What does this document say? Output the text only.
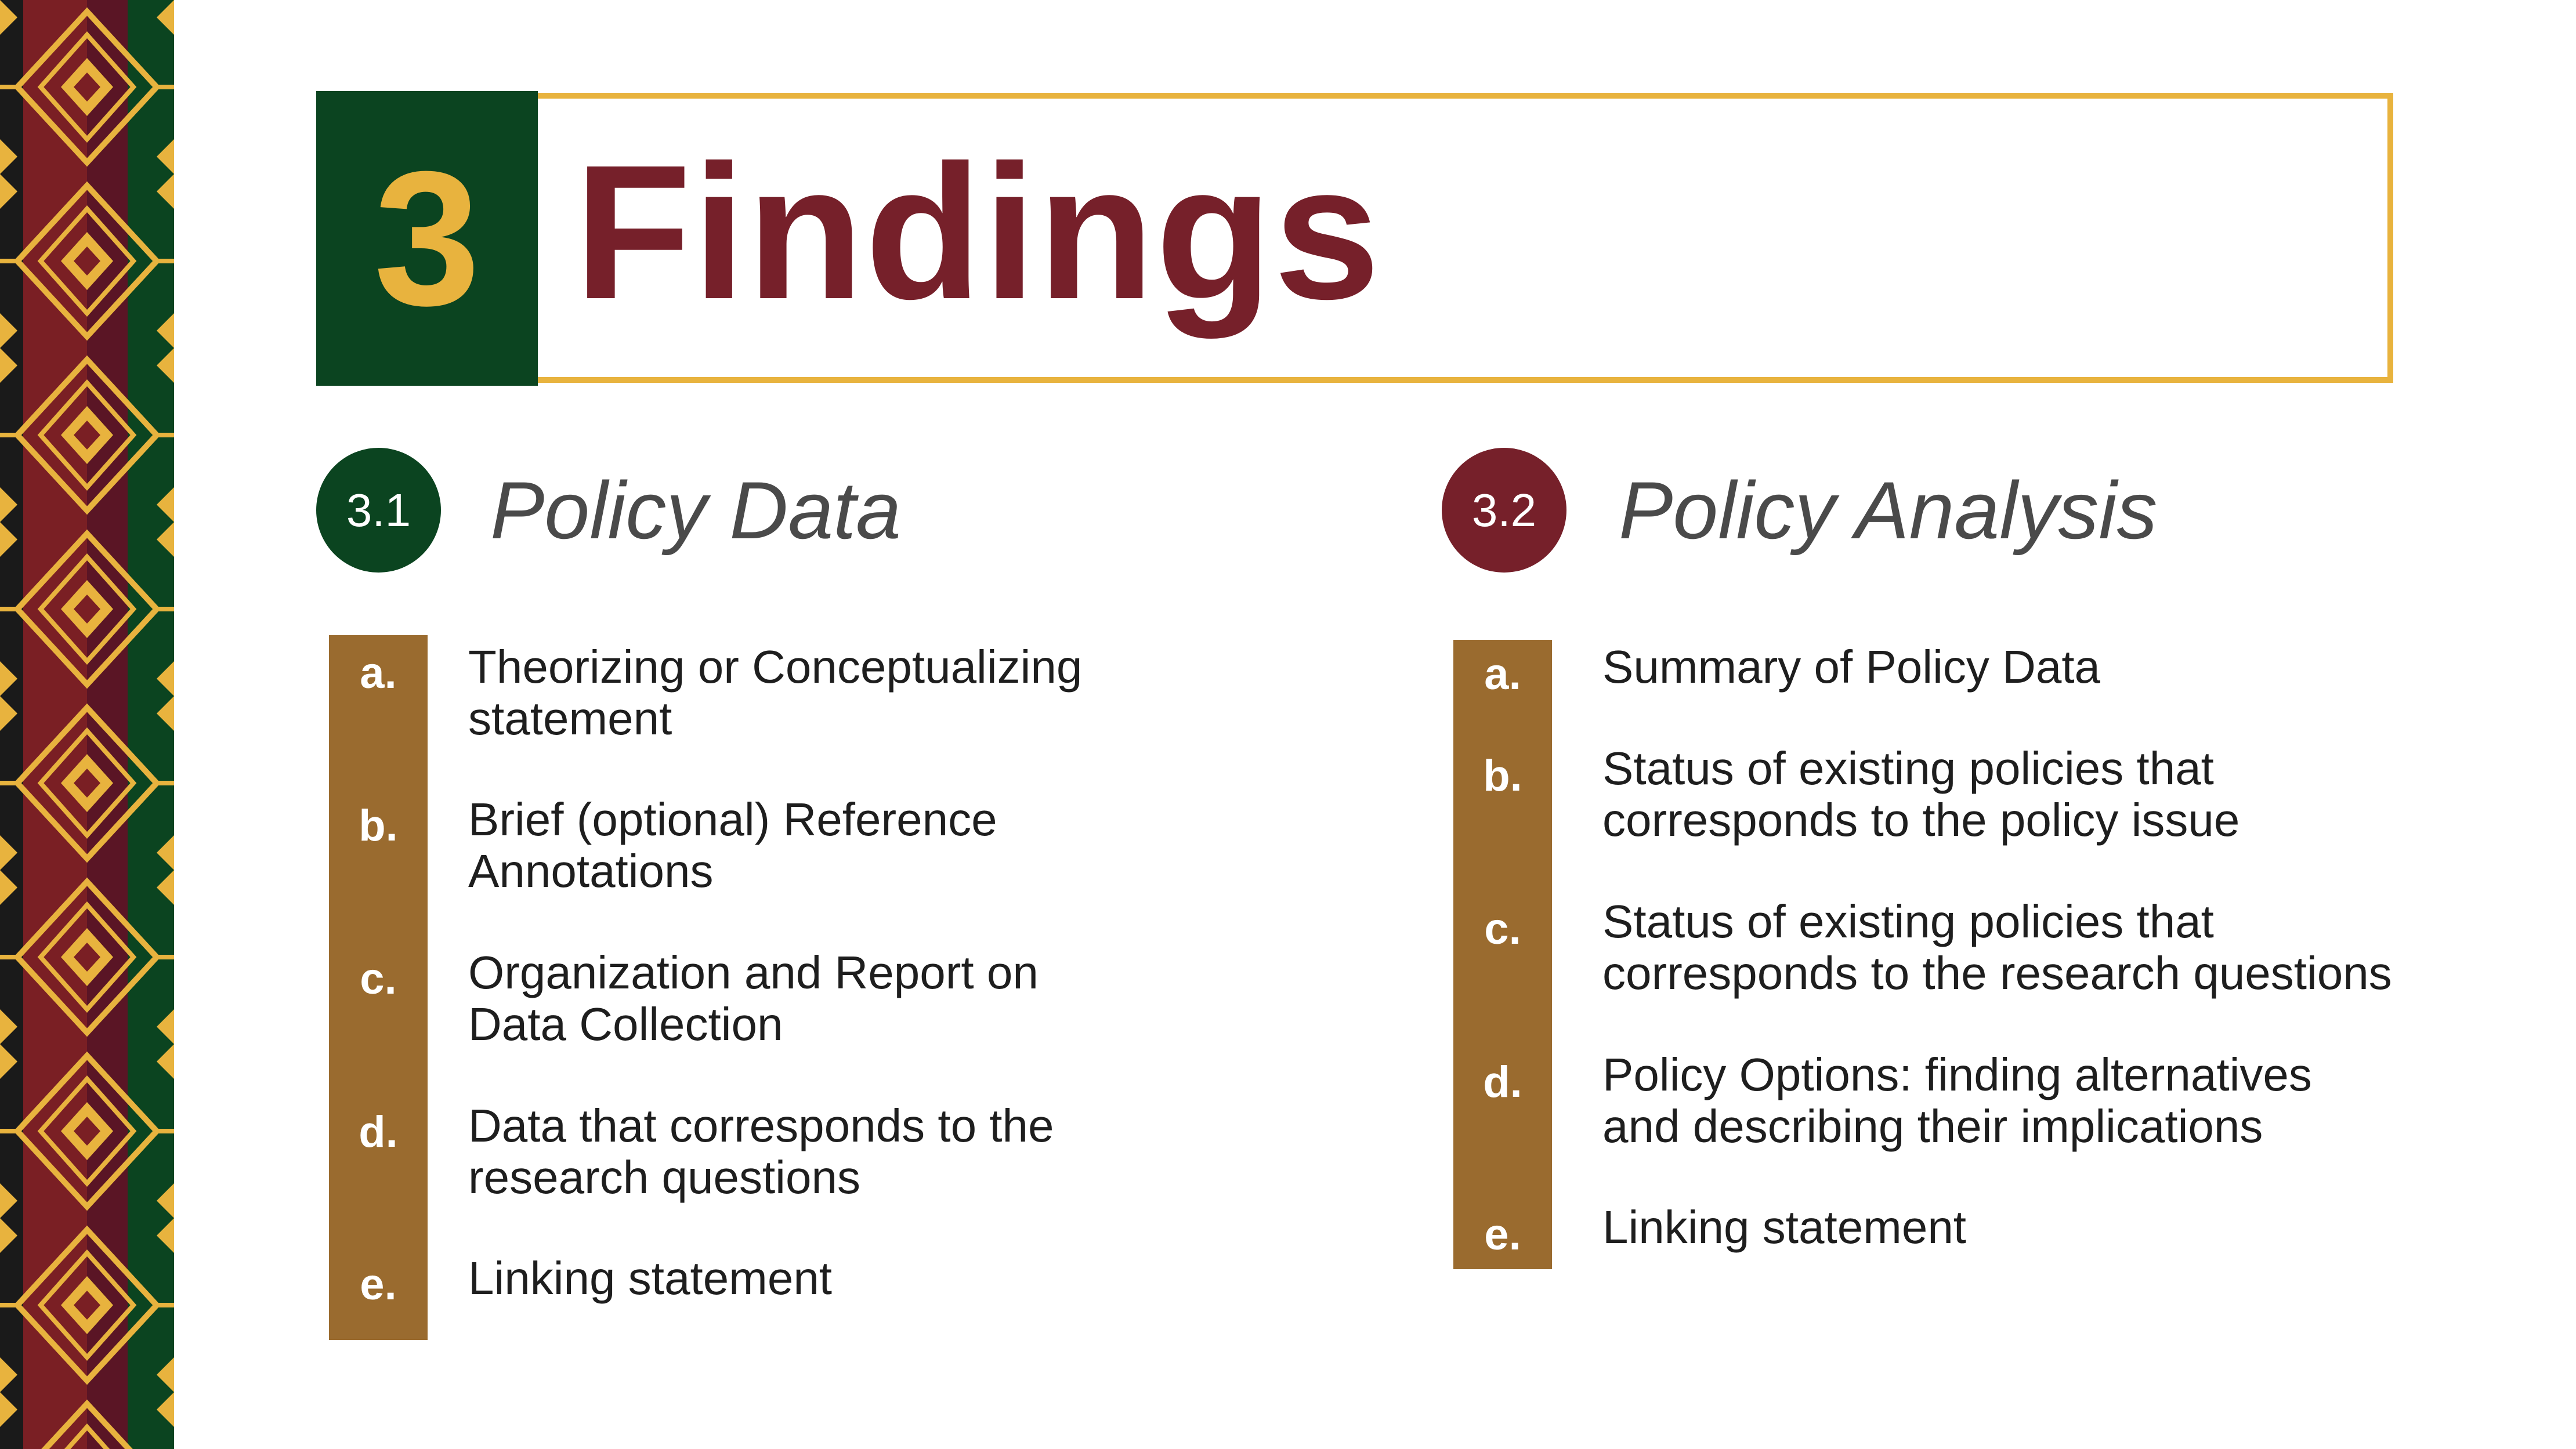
3 Findings
3.1 Policy Data
a.	Theorizing or Conceptualizing
statement
b.	Brief (optional) Reference
Annotations
c.	Organization and Report on
Data Collection
d.	Data that corresponds to the
research questions
e.	Linking statement
3.2	Policy Analysis
a.	Summary of Policy Data
b.	Status of existing policies that
corresponds to the policy issue
c.	Status of existing policies that
corresponds to the research questions
d.	Policy Options: finding alternatives
and describing their implications
e.	Linking statement
